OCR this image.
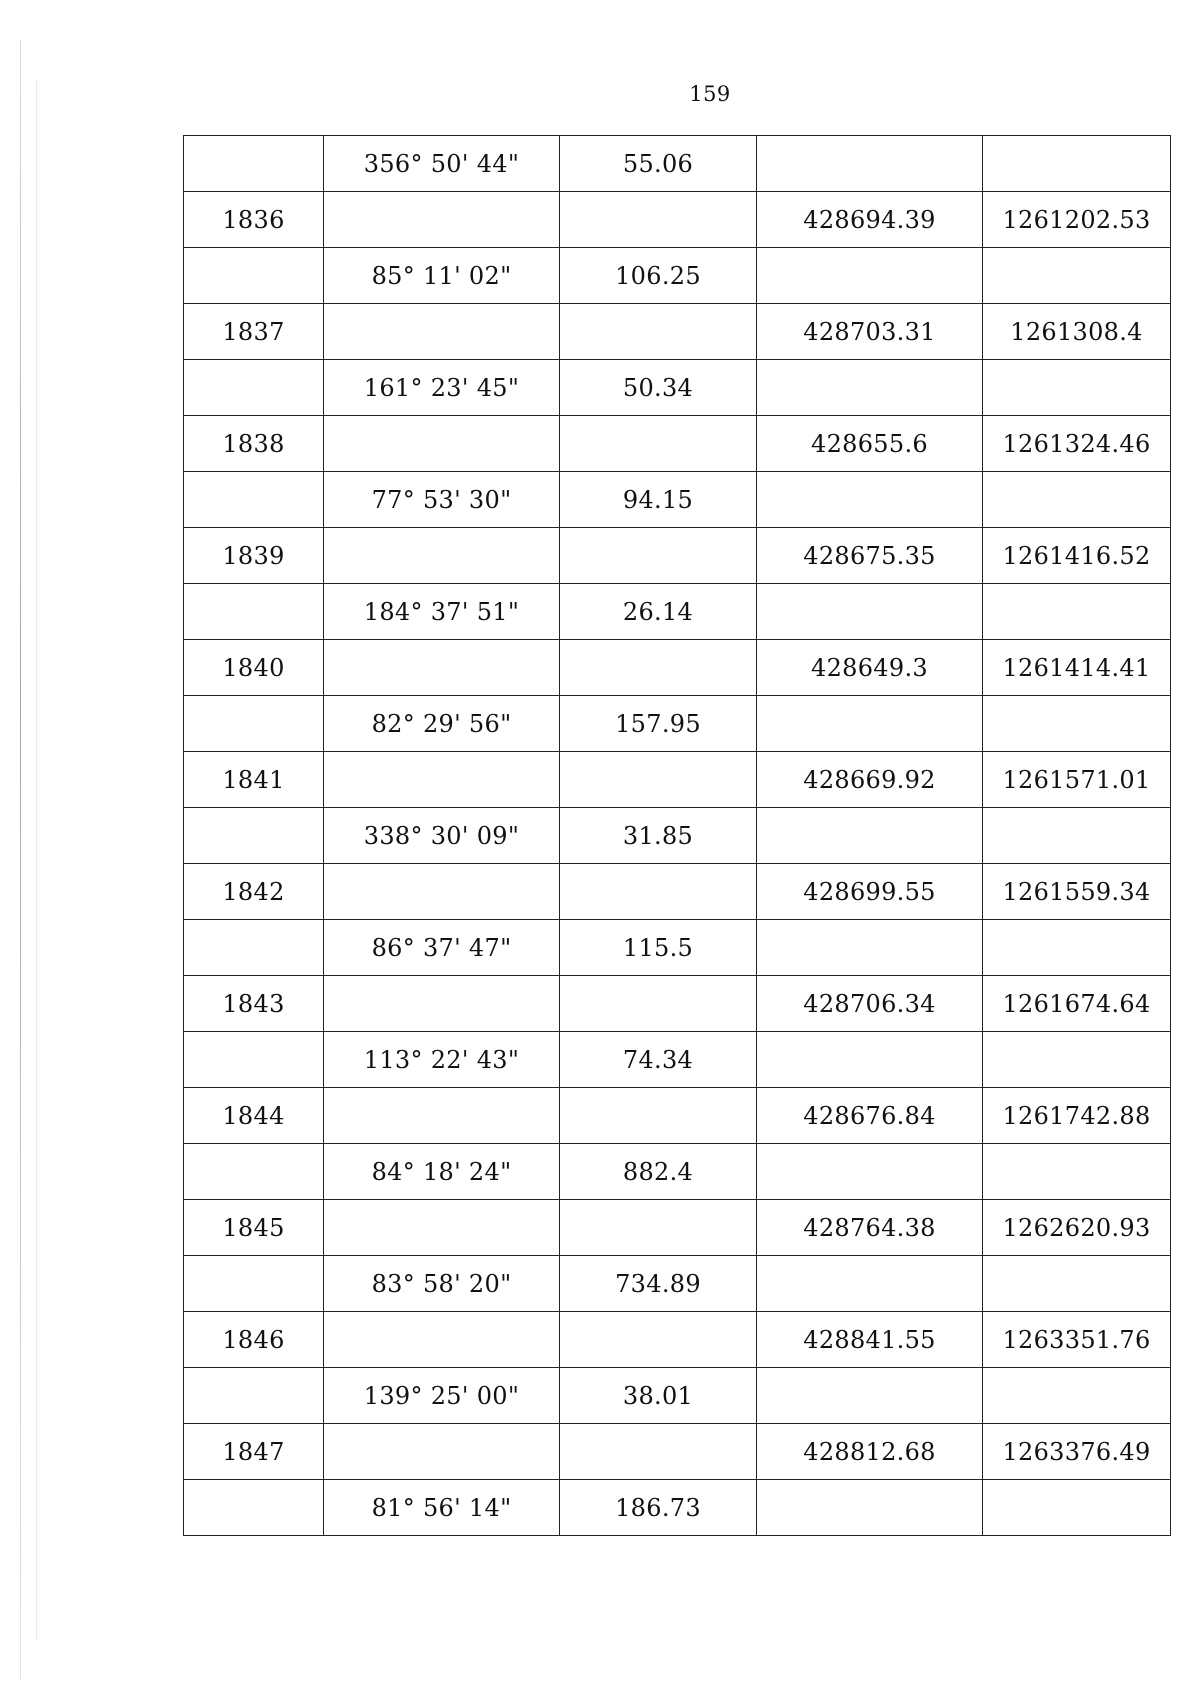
159
	356° 50' 44"	55.06		
1836			428694.39	1261202.53
	85° 11' 02"	106.25		
1837			428703.31	1261308.4
	161° 23' 45"	50.34		
1838			428655.6	1261324.46
	77° 53' 30"	94.15		
1839			428675.35	1261416.52
	184° 37' 51"	26.14		
1840			428649.3	1261414.41
	82° 29' 56"	157.95		
1841			428669.92	1261571.01
	338° 30' 09"	31.85		
1842			428699.55	1261559.34
	86° 37' 47"	115.5		
1843			428706.34	1261674.64
	113° 22' 43"	74.34		
1844			428676.84	1261742.88
	84° 18' 24"	882.4		
1845			428764.38	1262620.93
	83° 58' 20"	734.89		
1846			428841.55	1263351.76
	139° 25' 00"	38.01		
1847			428812.68	1263376.49
	81° 56' 14"	186.73		
